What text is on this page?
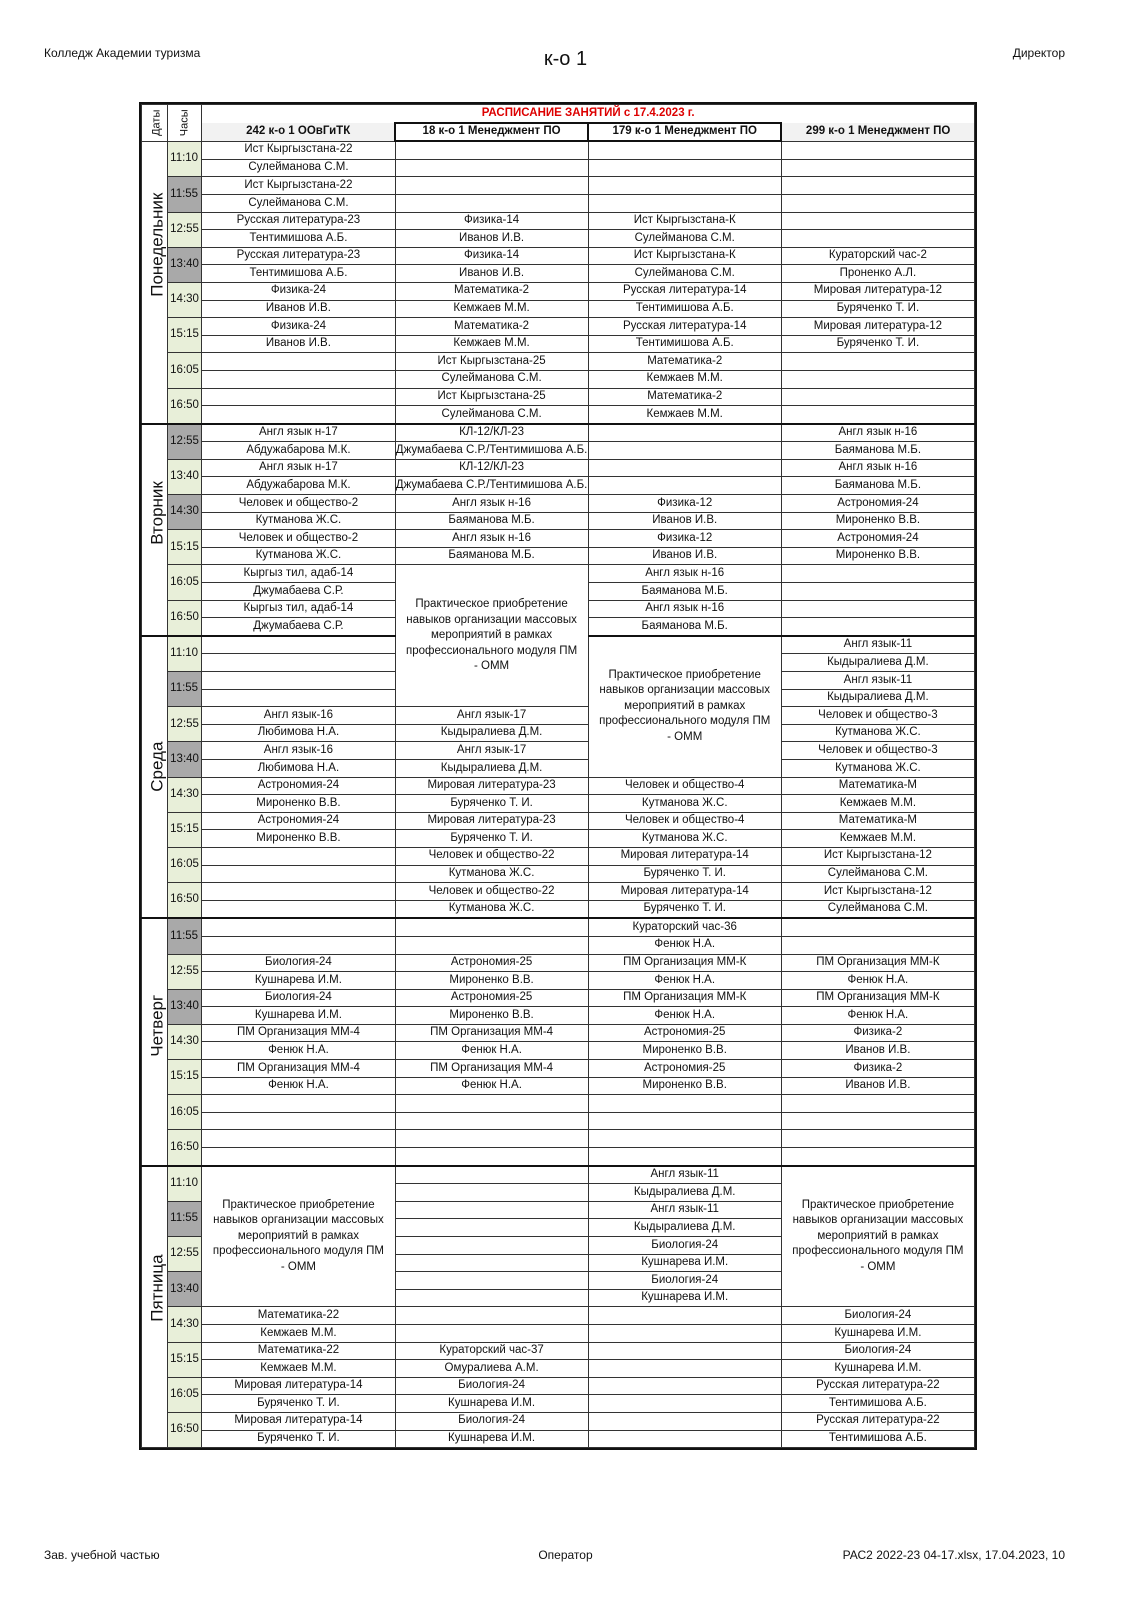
Колледж Академии туризма	к-о 1	Директор
Даты	Часы	РАСПИСАНИЕ ЗАНЯТИЙ с 17.4.2023 г.			
		242 к-о 1 ООвГиТК	18 к-о 1 Менеджмент ПО	179 к-о 1 Менеджмент ПО	299 к-о 1 Менеджмент ПО

Понедельник	11:10	Ист Кыргызстана-22			
		Сулейманова С.М.			
	11:55	Ист Кыргызстана-22			
		Сулейманова С.М.			
	12:55	Русская литература-23	Физика-14	Ист Кыргызстана-К	
		Тентимишова А.Б.	Иванов И.В.	Сулейманова С.М.	
	13:40	Русская литература-23	Физика-14	Ист Кыргызстана-К	Кураторский час-2
		Тентимишова А.Б.	Иванов И.В.	Сулейманова С.М.	Проненко А.Л.
	14:30	Физика-24	Математика-2	Русская литература-14	Мировая литература-12
		Иванов И.В.	Кемжаев М.М.	Тентимишова А.Б.	Буряченко Т. И.
	15:15	Физика-24	Математика-2	Русская литература-14	Мировая литература-12
		Иванов И.В.	Кемжаев М.М.	Тентимишова А.Б.	Буряченко Т. И.
	16:05		Ист Кыргызстана-25	Математика-2	
			Сулейманова С.М.	Кемжаев М.М.	
	16:50		Ист Кыргызстана-25	Математика-2	
			Сулейманова С.М.	Кемжаев М.М.	

Вторник	12:55	Англ язык н-17	КЛ-12/КЛ-23		Англ язык н-16
		Абдужабарова М.К.	Джумабаева С.Р./Тентимишова А.Б.		Баяманова М.Б.
	13:40	Англ язык н-17	КЛ-12/КЛ-23		Англ язык н-16
		Абдужабарова М.К.	Джумабаева С.Р./Тентимишова А.Б.		Баяманова М.Б.
	14:30	Человек и общество-2	Англ язык н-16	Физика-12	Астрономия-24
		Кутманова Ж.С.	Баяманова М.Б.	Иванов И.В.	Мироненко В.В.
	15:15	Человек и общество-2	Англ язык н-16	Физика-12	Астрономия-24
		Кутманова Ж.С.	Баяманова М.Б.	Иванов И.В.	Мироненко В.В.
	16:05	Кыргыз тил, адаб-14	Практическое приобретение навыков организации массовых мероприятий в рамках профессионального модуля ПМ - ОММ	Англ язык н-16	
		Джумабаева С.Р.		Баяманова М.Б.	
	16:50	Кыргыз тил, адаб-14		Англ язык н-16	
		Джумабаева С.Р.		Баяманова М.Б.	

Среда	11:10			Практическое приобретение навыков организации массовых мероприятий в рамках профессионального модуля ПМ - ОММ	Англ язык-11
					Кыдыралиева Д.М.
	11:55				Англ язык-11
					Кыдыралиева Д.М.
	12:55	Англ язык-16	Англ язык-17		Человек и общество-3
		Любимова Н.А.	Кыдыралиева Д.М.		Кутманова Ж.С.
	13:40	Англ язык-16	Англ язык-17		Человек и общество-3
		Любимова Н.А.	Кыдыралиева Д.М.		Кутманова Ж.С.
	14:30	Астрономия-24	Мировая литература-23	Человек и общество-4	Математика-М
		Мироненко В.В.	Буряченко Т. И.	Кутманова Ж.С.	Кемжаев М.М.
	15:15	Астрономия-24	Мировая литература-23	Человек и общество-4	Математика-М
		Мироненко В.В.	Буряченко Т. И.	Кутманова Ж.С.	Кемжаев М.М.
	16:05		Человек и общество-22	Мировая литература-14	Ист Кыргызстана-12
			Кутманова Ж.С.	Буряченко Т. И.	Сулейманова С.М.
	16:50		Человек и общество-22	Мировая литература-14	Ист Кыргызстана-12
			Кутманова Ж.С.	Буряченко Т. И.	Сулейманова С.М.

Четверг	11:55			Кураторский час-36	
				Фенюк Н.А.	
	12:55	Биология-24	Астрономия-25	ПМ Организация ММ-К	ПМ Организация ММ-К
		Кушнарева И.М.	Мироненко В.В.	Фенюк Н.А.	Фенюк Н.А.
	13:40	Биология-24	Астрономия-25	ПМ Организация ММ-К	ПМ Организация ММ-К
		Кушнарева И.М.	Мироненко В.В.	Фенюк Н.А.	Фенюк Н.А.
	14:30	ПМ Организация ММ-4	ПМ Организация ММ-4	Астрономия-25	Физика-2
		Фенюк Н.А.	Фенюк Н.А.	Мироненко В.В.	Иванов И.В.
	15:15	ПМ Организация ММ-4	ПМ Организация ММ-4	Астрономия-25	Физика-2
		Фенюк Н.А.	Фенюк Н.А.	Мироненко В.В.	Иванов И.В.
	16:05				

	16:50				

Пятница	11:10	Практическое приобретение навыков организации массовых мероприятий в рамках профессионального модуля ПМ - ОММ		Англ язык-11	Практическое приобретение навыков организации массовых мероприятий в рамках профессионального модуля ПМ - ОММ
				Кыдыралиева Д.М.	
	11:55			Англ язык-11	
				Кыдыралиева Д.М.	
	12:55			Биология-24	
				Кушнарева И.М.	
	13:40			Биология-24	
				Кушнарева И.М.	
	14:30	Математика-22			Биология-24
		Кемжаев М.М.			Кушнарева И.М.
	15:15	Математика-22	Кураторский час-37		Биология-24
		Кемжаев М.М.	Омуралиева А.М.		Кушнарева И.М.
	16:05	Мировая литература-14	Биология-24		Русская литература-22
		Буряченко Т. И.	Кушнарева И.М.		Тентимишова А.Б.
	16:50	Мировая литература-14	Биология-24		Русская литература-22
		Буряченко Т. И.	Кушнарева И.М.		Тентимишова А.Б.
Зав. учебной частью	Оператор	РАС2 2022-23 04-17.xlsx, 17.04.2023, 10
